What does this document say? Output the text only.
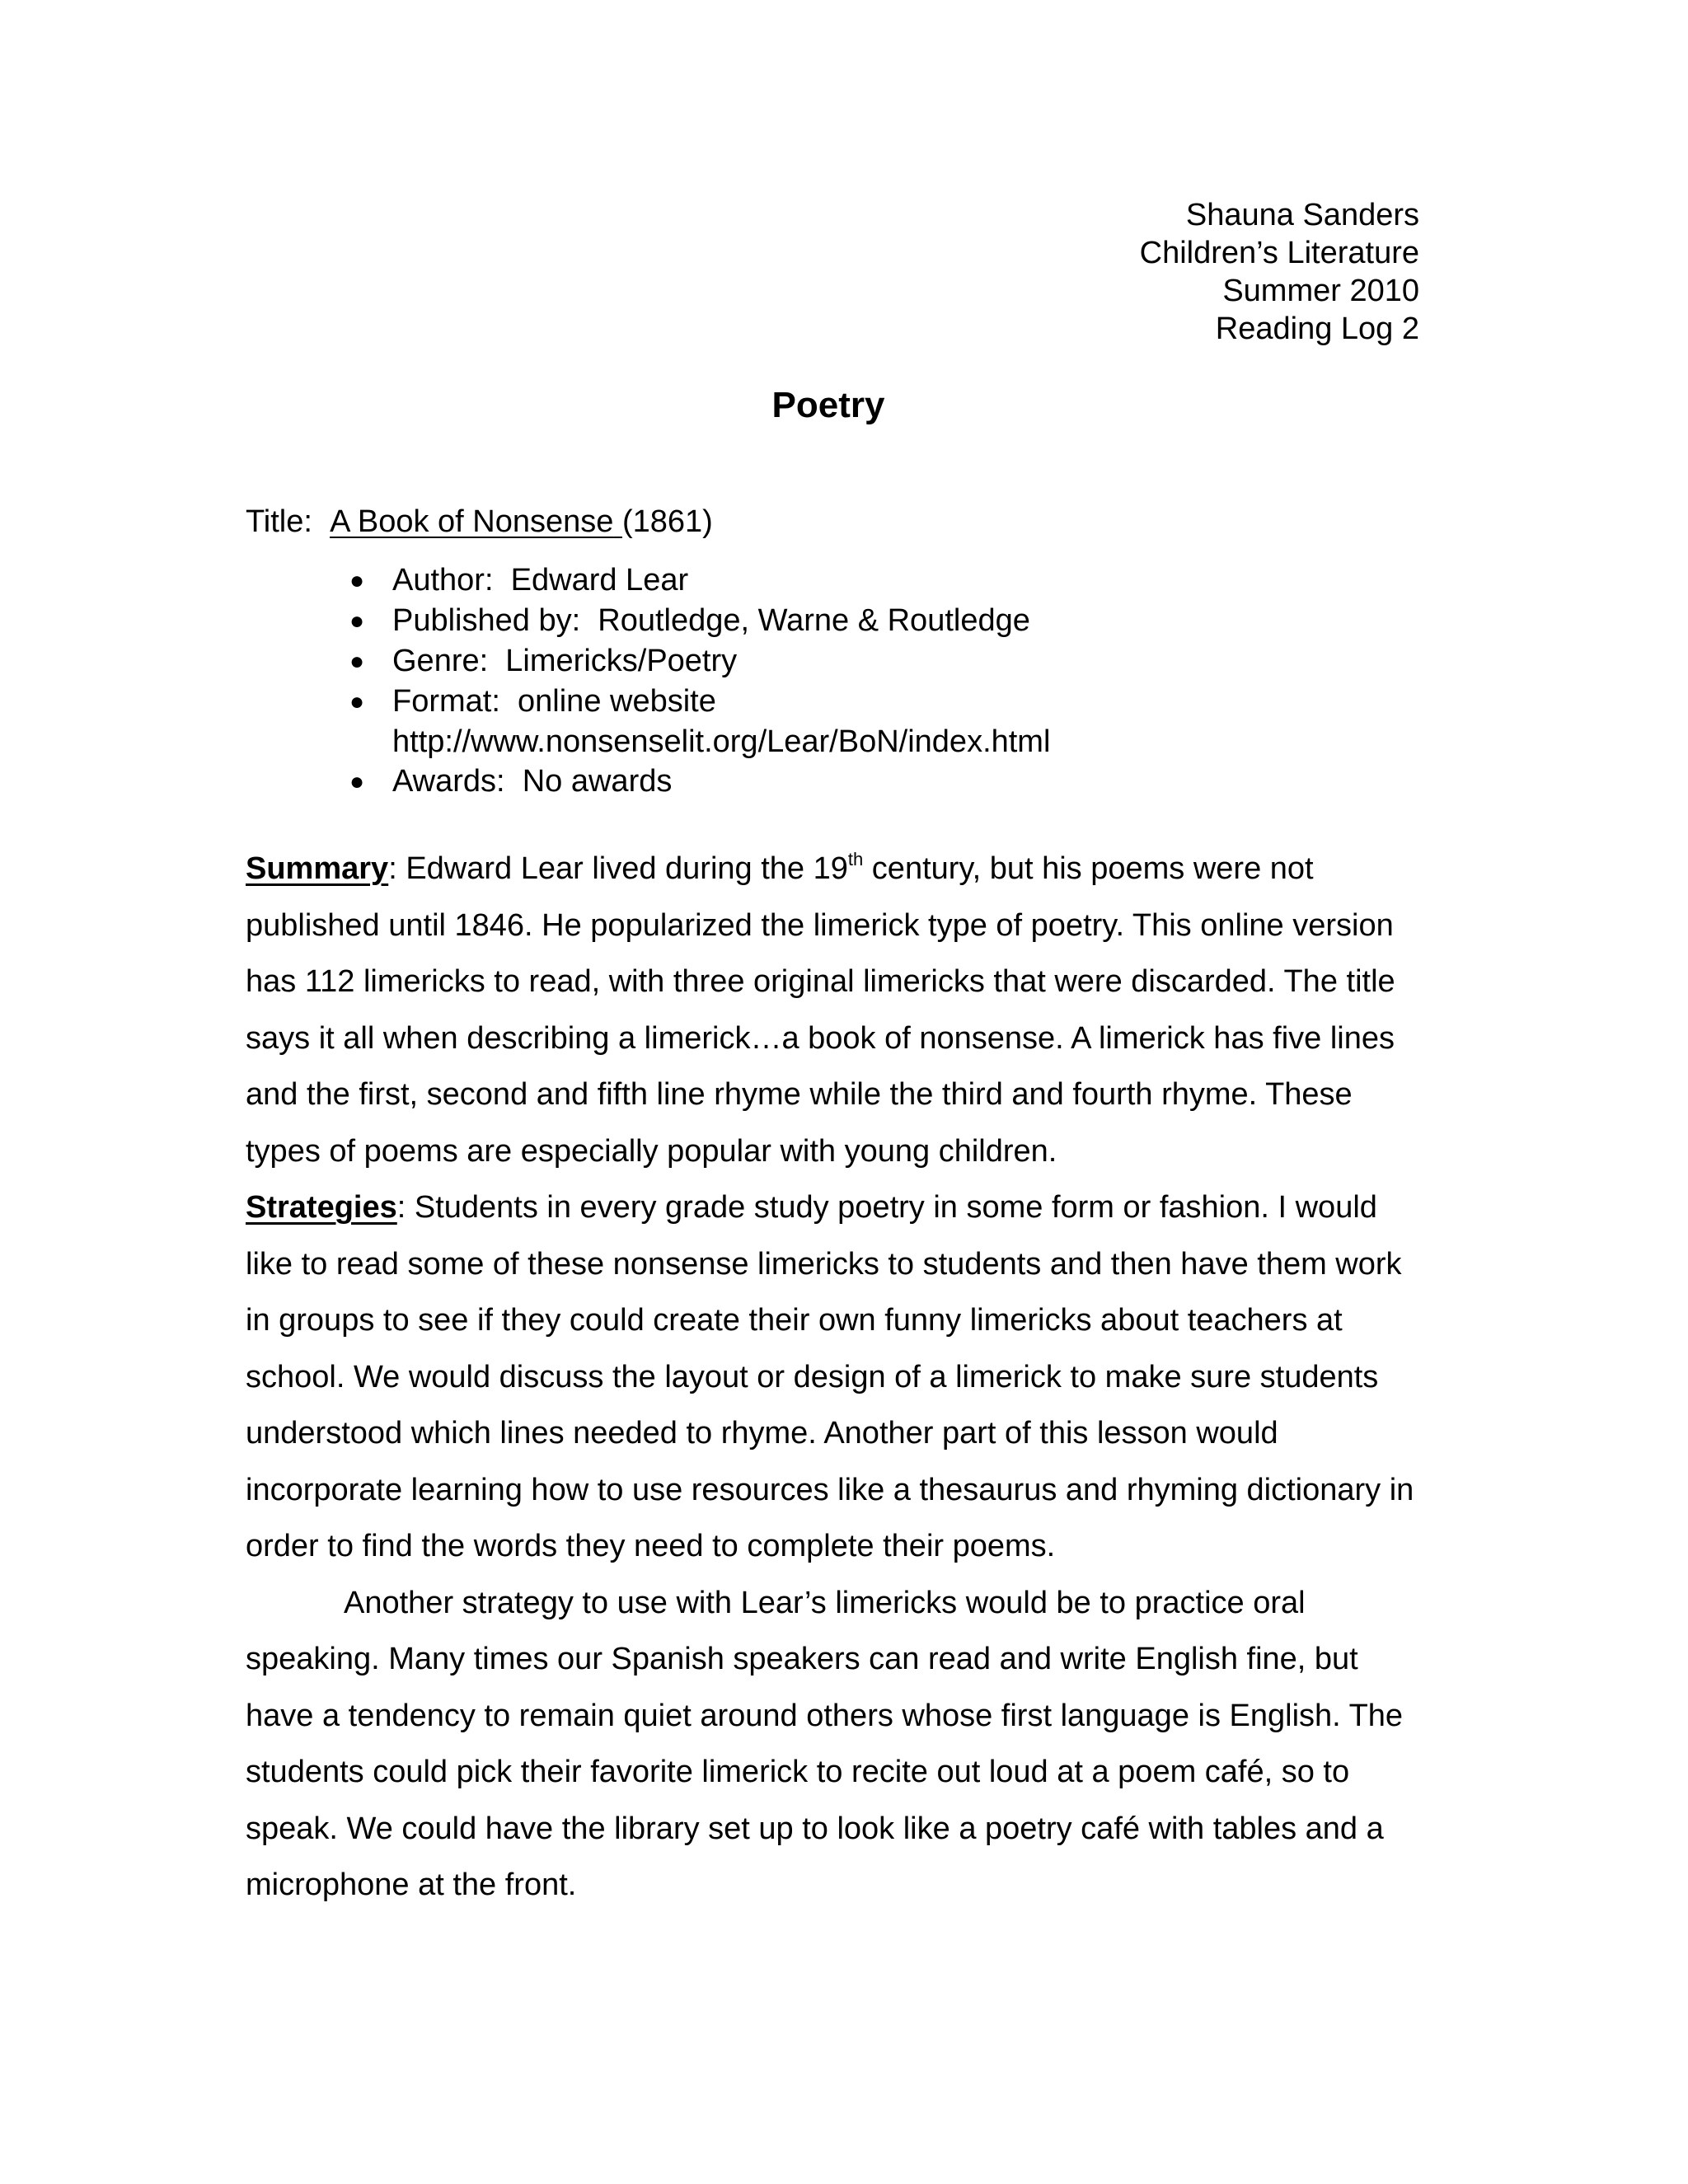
Shauna Sanders
Children’s Literature
Summer 2010
Reading Log 2
Poetry
Title: A Book of Nonsense (1861)
● Author: Edward Lear
● Published by: Routledge, Warne & Routledge
● Genre: Limericks/Poetry
● Format: online website
http://www.nonsenselit.org/Lear/BoN/index.html
● Awards: No awards

Summary: Edward Lear lived during the 19th century, but his poems were not published until 1846. He popularized the limerick type of poetry. This online version has 112 limericks to read, with three original limericks that were discarded. The title says it all when describing a limerick…a book of nonsense. A limerick has five lines and the first, second and fifth line rhyme while the third and fourth rhyme. These types of poems are especially popular with young children.

Strategies: Students in every grade study poetry in some form or fashion. I would like to read some of these nonsense limericks to students and then have them work in groups to see if they could create their own funny limericks about teachers at school. We would discuss the layout or design of a limerick to make sure students understood which lines needed to rhyme. Another part of this lesson would incorporate learning how to use resources like a thesaurus and rhyming dictionary in order to find the words they need to complete their poems.

Another strategy to use with Lear’s limericks would be to practice oral speaking. Many times our Spanish speakers can read and write English fine, but have a tendency to remain quiet around others whose first language is English. The students could pick their favorite limerick to recite out loud at a poem café, so to speak. We could have the library set up to look like a poetry café with tables and a microphone at the front.
